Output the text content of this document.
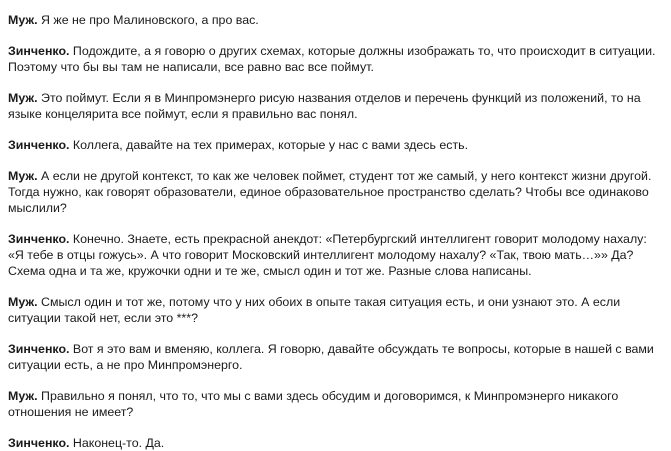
Муж. Я же не про Малиновского, а про вас.

Зинченко. Подождите, а я говорю о других схемах, которые должны изображать то, что происходит в ситуации. Поэтому что бы вы там не написали, все равно вас все поймут.

Муж. Это поймут. Если я в Минпромэнерго рисую названия отделов и перечень функций из положений, то на языке концелярита все поймут, если я правильно вас понял.

Зинченко. Коллега, давайте на тех примерах, которые у нас с вами здесь есть.

Муж. А если не другой контекст, то как же человек поймет, студент тот же самый, у него контекст жизни другой. Тогда нужно, как говорят образователи, единое образовательное пространство сделать? Чтобы все одинаково мыслили?

Зинченко. Конечно. Знаете, есть прекрасной анекдот: «Петербургский интеллигент говорит молодому нахалу: «Я тебе в отцы гожусь». А что говорит Московский интеллигент молодому нахалу? «Так, твою мать…»» Да? Схема одна и та же, кружочки одни и те же, смысл один и тот же. Разные слова написаны.

Муж. Смысл один и тот же, потому что у них обоих в опыте такая ситуация есть, и они узнают это. А если ситуации такой нет, если это ***?

Зинченко. Вот я это вам и вменяю, коллега. Я говорю, давайте обсуждать те вопросы, которые в нашей с вами ситуации есть, а не про Минпромэнерго.

Муж. Правильно я понял, что то, что мы с вами здесь обсудим и договоримся, к Минпромэнерго никакого отношения не имеет?

Зинченко. Наконец-то. Да.
